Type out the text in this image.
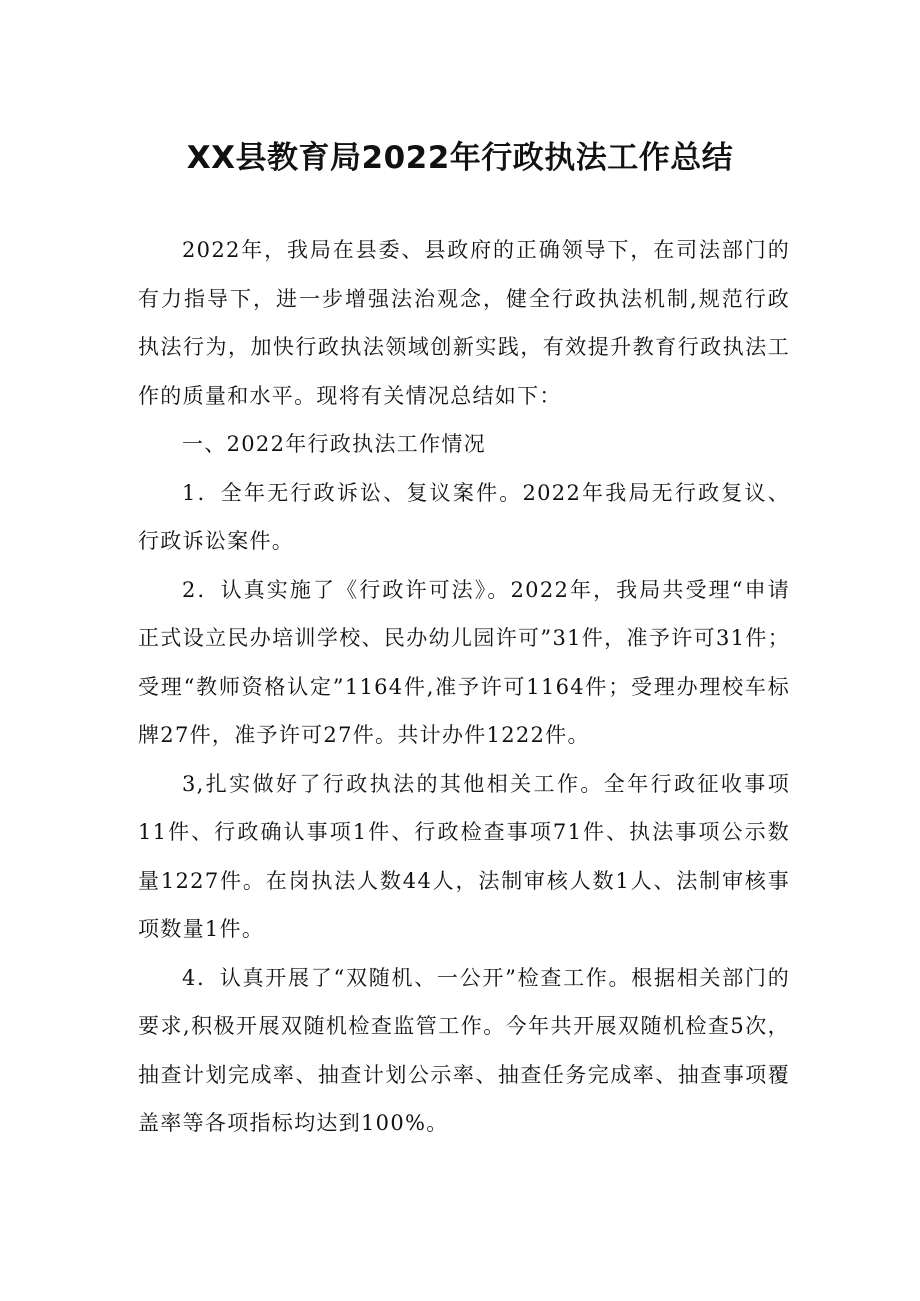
XX县教育局2022年行政执法工作总结

2022年，我局在县委、县政府的正确领导下，在司法部门的有力指导下，进一步增强法治观念，健全行政执法机制,规范行政执法行为，加快行政执法领域创新实践，有效提升教育行政执法工作的质量和水平。现将有关情况总结如下：

一、2022年行政执法工作情况

1．全年无行政诉讼、复议案件。2022年我局无行政复议、行政诉讼案件。

2．认真实施了《行政许可法》。2022年，我局共受理“申请正式设立民办培训学校、民办幼儿园许可”31件，准予许可31件；受理“教师资格认定”1164件,准予许可1164件；受理办理校车标牌27件，准予许可27件。共计办件1222件。

3,扎实做好了行政执法的其他相关工作。全年行政征收事项11件、行政确认事项1件、行政检查事项71件、执法事项公示数量1227件。在岗执法人数44人，法制审核人数1人、法制审核事项数量1件。

4．认真开展了“双随机、一公开”检查工作。根据相关部门的要求,积极开展双随机检查监管工作。今年共开展双随机检查5次，抽查计划完成率、抽查计划公示率、抽查任务完成率、抽查事项覆盖率等各项指标均达到100%。
